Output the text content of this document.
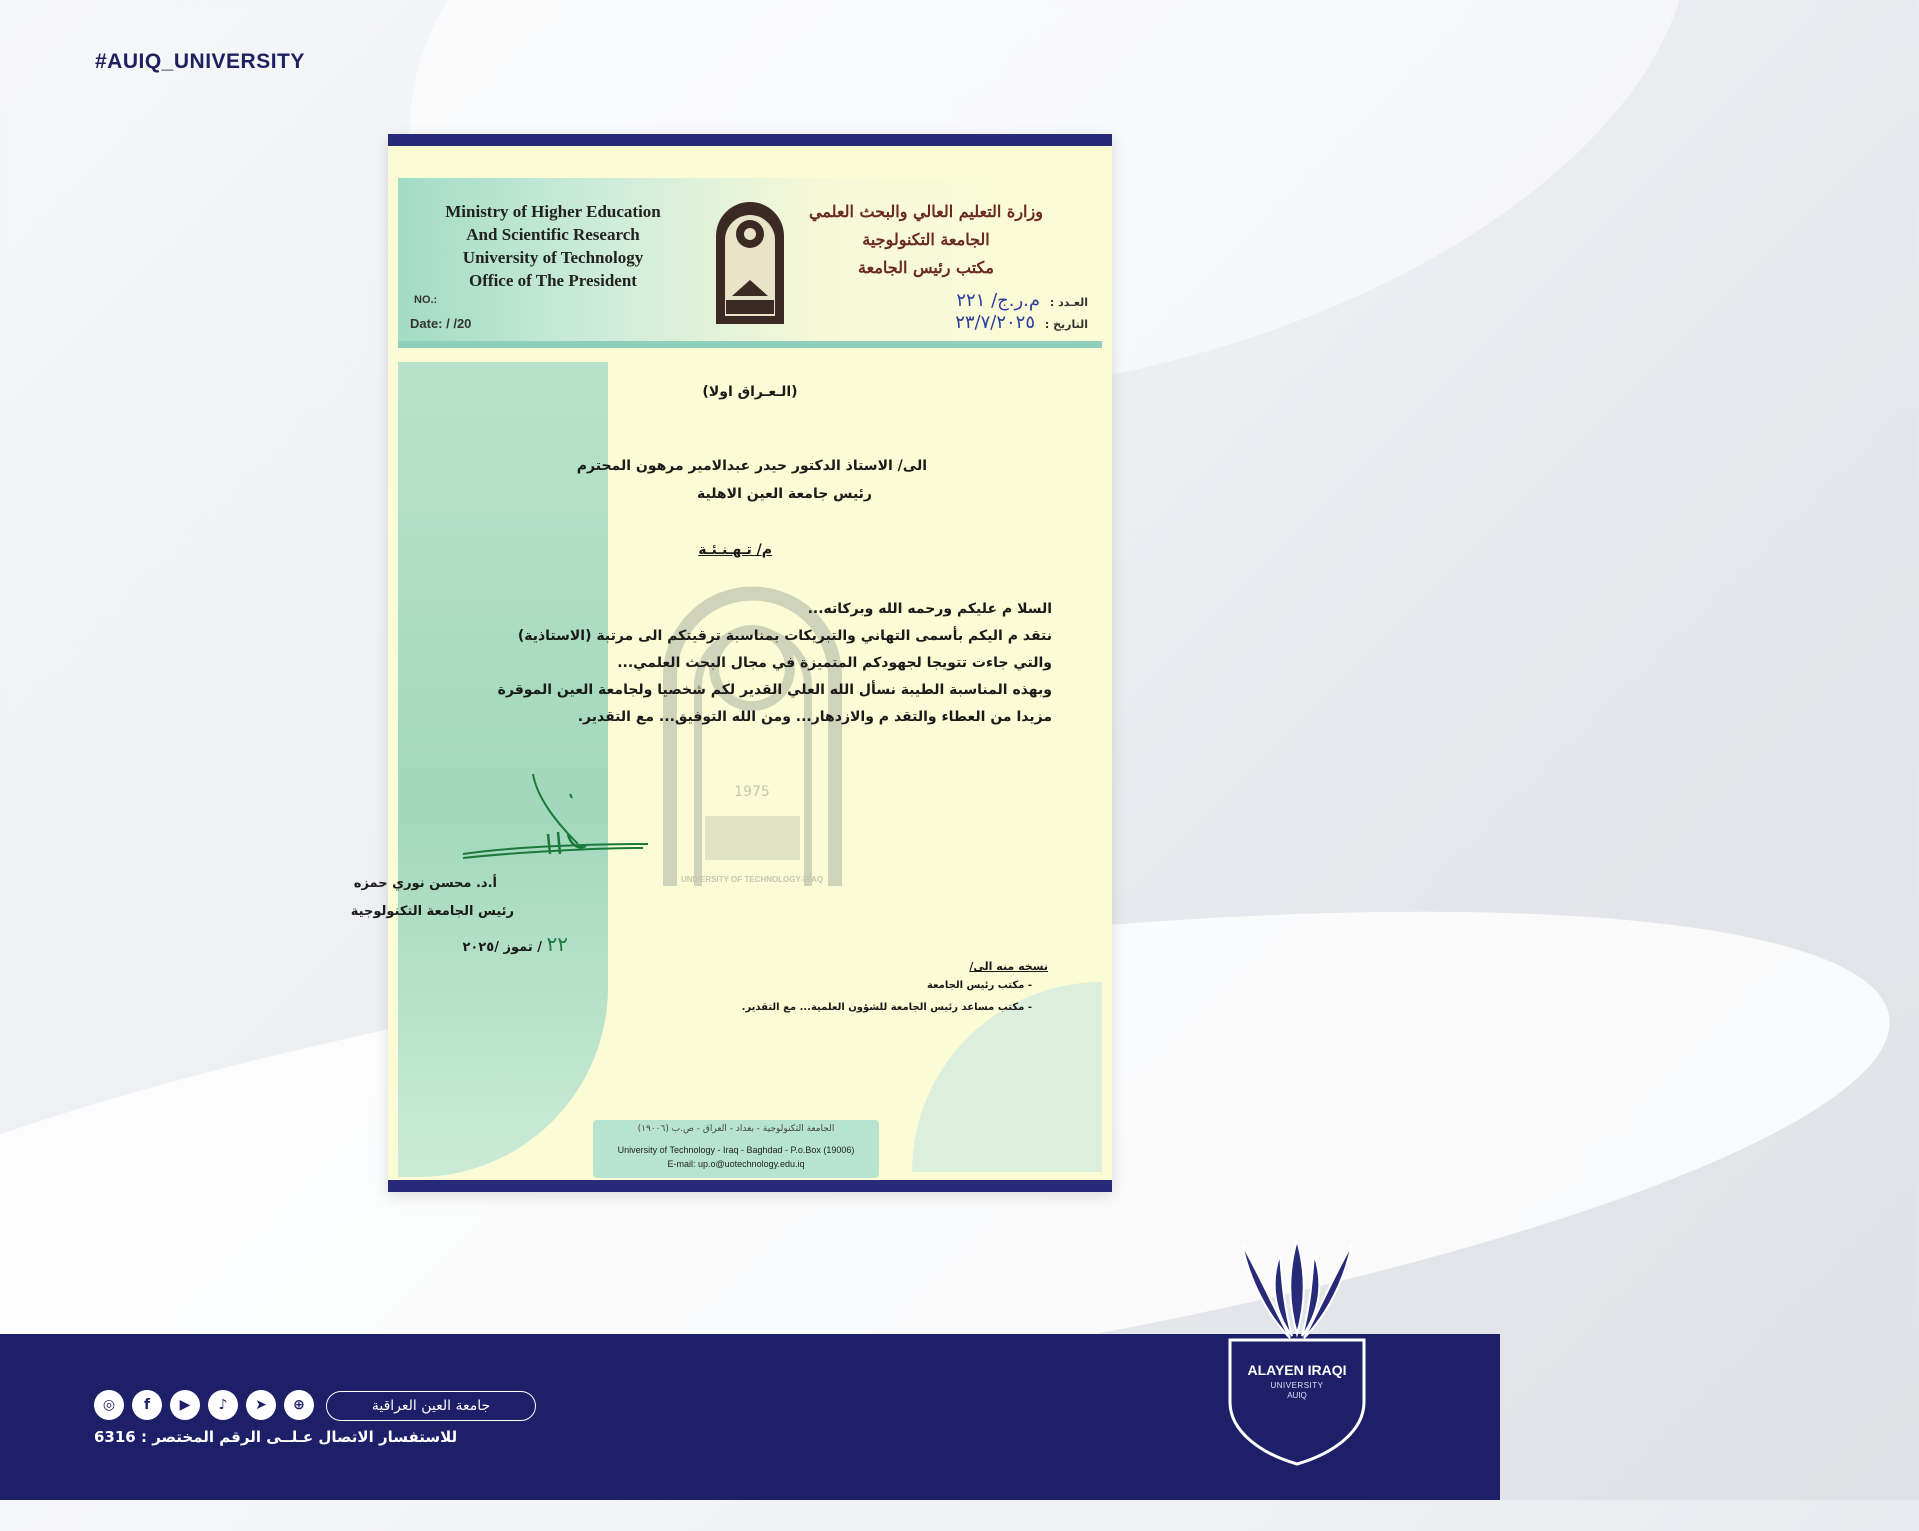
#AUIQ_UNIVERSITY
1975
UNIVERSITY OF TECHNOLOGY-IRAQ
Ministry of Higher Education
And Scientific Research
University of Technology
Office of The President
NO.:
Date: / /20
وزارة التعليم العالي والبحث العلمي
الجامعة التكنولوجية
مكتب رئيس الجامعة
العـدد : م.ر.ج/ ٢٢١
التاريخ : ٢٣/٧/٢٠٢٥
(الـعـراق اولا)
الى/ الاستاذ الدكتور حيدر عبدالامير مرهون المحترم
رئيس جامعة العين الاهلية
م/ تـهـنـئـة
السلا م عليكم ورحمه الله وبركاته...
نتقد م اليكم بأسمى التهاني والتبريكات بمناسبة ترقيتكم الى مرتبة (الاستاذية)
والتي جاءت تتويجا لجهودكم المتميزة في مجال البحث العلمي...
وبهذه المناسبة الطيبة نسأل الله العلي القدير لكم شخصيا ولجامعة العين الموقرة
مزيدا من العطاء والتقد م والازدهار... ومن الله التوفيق... مع التقدير.
أ.د. محسن نوري حمزه
رئيس الجامعة التكنولوجية
٢٢ / تموز /٢٠٢٥
نسخه منه الى/
- مكتب رئيس الجامعة
- مكتب مساعد رئيس الجامعة للشؤون العلمية... مع التقدير.
الجامعة التكنولوجية - بغداد - العراق - ص.ب (١٩٠٠٦)
University of Technology - Iraq - Baghdad - P.o.Box (19006)
E-mail: up.o@uotechnology.edu.iq
◎	f	▶	♪	➤	⊕	جامعة العين العراقية
للاستفسار الاتصال عـلــى الرقم المختصر : 6316
ALAYEN IRAQI
UNIVERSITY
AUIQ
